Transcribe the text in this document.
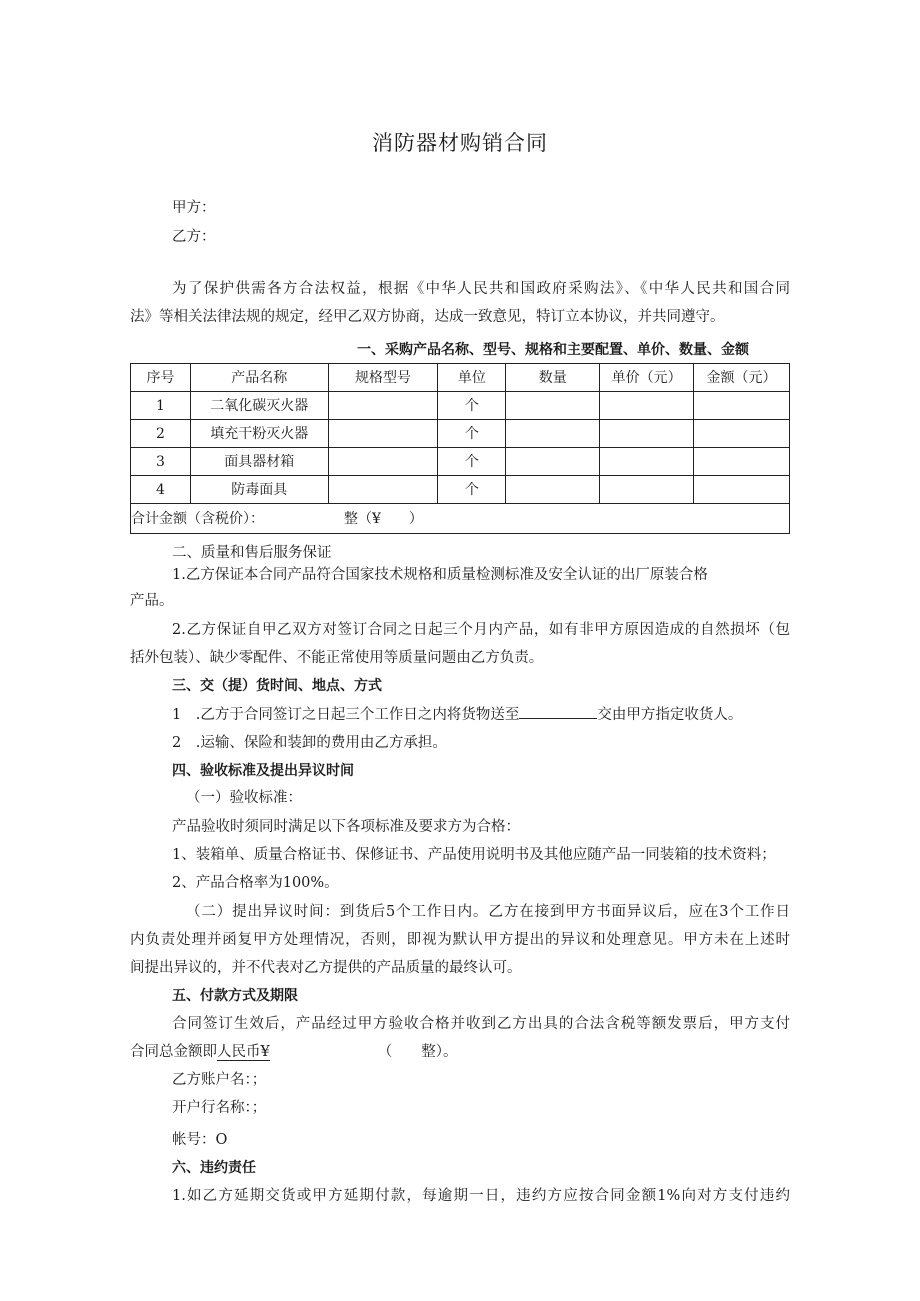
消防器材购销合同
甲方：
乙方：
为了保护供需各方合法权益，根据《中华人民共和国政府采购法》、《中华人民共和国合同
法》等相关法律法规的规定，经甲乙双方协商，达成一致意见，特订立本协议，并共同遵守。
一、采购产品名称、型号、规格和主要配置、单价、数量、金额
序号	产品名称	规格型号	单位	数量	单价（元）	金额（元）
1	二氧化碳灭火器		个			
2	填充干粉灭火器		个			
3	面具器材箱		个			
4	防毒面具		个			
合计金额（含税价）： 整（¥　　）						
二、质量和售后服务保证
1.乙方保证本合同产品符合国家技术规格和质量检测标准及安全认证的出厂原装合格
产品。
2.乙方保证自甲乙双方对签订合同之日起三个月内产品，如有非甲方原因造成的自然损坏（包
括外包装）、缺少零配件、不能正常使用等质量问题由乙方负责。
三、交（提）货时间、地点、方式
1　.乙方于合同签订之日起三个工作日之内将货物送至	交由甲方指定收货人。
2　.运输、保险和装卸的费用由乙方承担。
四、验收标准及提出异议时间
（一）验收标准：
产品验收时须同时满足以下各项标准及要求方为合格：
1、装箱单、质量合格证书、保修证书、产品使用说明书及其他应随产品一同装箱的技术资料；
2、产品合格率为100%。
（二）提出异议时间：到货后5个工作日内。乙方在接到甲方书面异议后，应在3个工作日
内负责处理并函复甲方处理情况，否则，即视为默认甲方提出的异议和处理意见。甲方未在上述时
间提出异议的，并不代表对乙方提供的产品质量的最终认可。
五、付款方式及期限
合同签订生效后，产品经过甲方验收合格并收到乙方出具的合法含税等额发票后，甲方支付
合同总金额即人民币¥	（　　整）。
乙方账户名：；
开户行名称：；
帐号：O
六、违约责任
1.如乙方延期交货或甲方延期付款，每逾期一日，违约方应按合同金额1%向对方支付违约
